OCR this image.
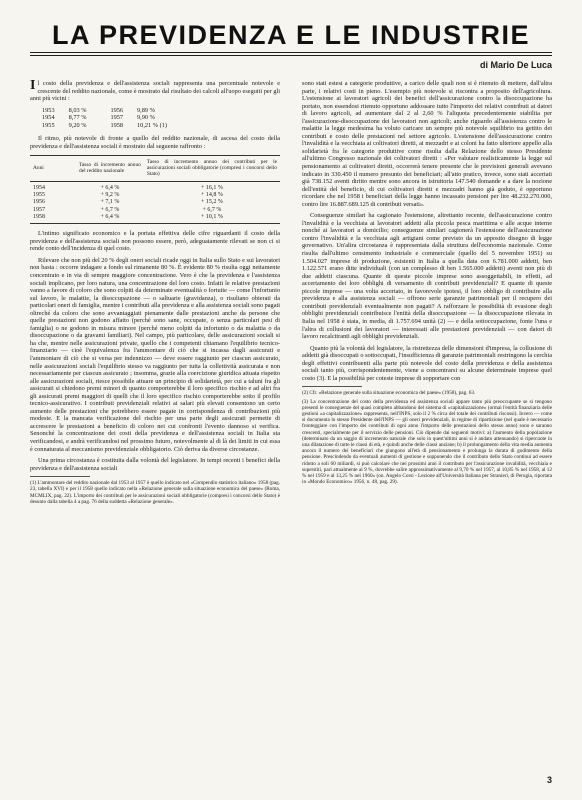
LA PREVIDENZA E LE INDUSTRIE
di Mario De Luca

Il costo della previdenza e dell'assistenza sociali rappresenta una percentuale notevole e crescente del reddito nazionale, come è mostrato dal risultato dei calcoli all'uopo eseguiti per gli anni più vicini :

1953	8,03 %	1956	9,89 %
1954	8,77 %	1957	9,90 %
1955	9,20 %	1958	10,21 % (1)

Il ritmo, più notevole di fronte a quello del reddito nazionale, di ascesa del costo della previdenza e dell'assistenza sociali è mostrato dal seguente raffronto :

Anni	Tasso di incremento annuo del reddito nazionale	Tasso di incremento annuo dei contributi per le assicurazioni sociali obbligatorie (compresi i concorsi dello Stato)
1954	+ 6,4 %	+ 16,1 %
1955	+ 9,2 %	+ 14,8 %
1956	+ 7,1 %	+ 15,2 %
1957	+ 6,7 %	+ 6,7 %
1958	+ 6,4 %	+ 10,1 %

L'intimo significato economico e la portata effettiva delle cifre riguardanti il costo della previdenza e dell'assistenza sociali non possono essere, però, adeguatamente rilevati se non ci si rende conto dell'incidenza di quel costo.

Rilevare che non più del 20 % degli oneri sociali ricade oggi in Italia sullo Stato e sui lavoratori non basta : occorre indagare a fondo sul rimanente 80 %. È evidente 80 % risulta oggi nettamente concentrato e in via di sempre maggiore concentrazione. Vero è che la previdenza e l'assistenza sociali implicano, per loro natura, una concentrazione del loro costo. Infatti le relative prestazioni vanno a favore di coloro che sono colpiti da determinate eventualità o fortuite — come l'infortunio sul lavoro, le malattie, la disoccupazione — o saltuarie (gravidanza), o risultano obierati da particolari oneri di famiglia, mentre i contributi alla previdenza e alla assistenza sociali sono pagati oltreché da coloro che sono avvantaggiati pienamente dalle prestazioni anche da persone che quelle prestazioni non godono affatto (perché sono sane, occupate, o senza particolari pesi di famiglia) o ne godono in misura minore (perché meno colpiti da infortunio o da malattia o da disoccupazione o da gravami familiari). Nel campo, più particolare, delle assicurazioni sociali si ha che, mentre nelle assicurazioni private, quello che i competenti chiamano l'equilibrio tecnico-finanziario — cioè l'equivalenza fra l'ammontare di ciò che si incassa dagli assicurati e l'ammontare di ciò che si versa per indennizzo — deve essere raggiunto per ciascun assicurato, nelle assicurazioni sociali l'equilibrio stesso va raggiunto per tutta la collettività assicurata e non necessariamente per ciascun assicurato ; insomma, grazie alla coercizione giuridica attuata rispetto alle assicurazioni sociali, riesce possibile attuare un principio di solidarietà, per cui a taluni fra gli assicurati si chiedono premi minori di quanto comporterebbe il loro specifico rischio e ad altri fra gli assicurati premi maggiori di quelli che il loro specifico rischio comporterebbe sotto il profilo tecnico-assicurativo. I contributi previdenziali relativi ai salari più elevati consentono un certo aumento delle prestazioni che potrebbero essere pagate in corrispondenza di contribuzioni più modeste. E la mancata verificazione del rischio per una parte degli assicurati permette di accrescere le prestazioni a beneficio di coloro nei cui confronti l'evento dannoso si verifica. Senonché la concentrazione dei costi della previdenza e dell'assistenza sociali in Italia sta verificandosi, e andrà verificandosi nel prossimo futuro, notevolmente al di là dei limiti in cui essa è connaturata al meccanismo previdenziale obbligatorio. Ciò deriva da diverse circostanze.

Una prima circostanza è costituita dalla volontà del legislatore. In tempi recenti i benefici della previdenza e dell'assistenza sociali

(1) L'ammontare del reddito nazionale dal 1953 al 1957 è quello indicato nel «Compendio statistico italiano» 1958 (pag. 23, tabella XVI) e per il 1958 quello indicato nella «Relazione generale sulla situazione economica del paese» (Roma, MCMLIX, pag. 22). L'importo dei contributi per le assicurazioni sociali obbligatorie (compresi i concorsi dello Stato) è desunto dalla tabella 4 a pag. 76 della suddetta «Relazione generale».

sono stati estesi a categorie produttive, a carico delle quali non si è ritenuto di mettere, dall'altra parte, i relativi costi in pieno. L'esempio più notevole si riscontra a proposito dell'agricoltura. L'estensione ai lavoratori agricoli dei benefici dell'assicurazione contro la disoccupazione ha portato, non essendosi ritenuto opportuno addossare tutto l'importo dei relativi contributi ai datori di lavoro agricoli, ad aumentare dal 2 al 2,60 % l'aliquota precedentemente stabilita per l'assicurazione-disoccupazione dei lavoratori non agricoli; anche riguardo all'assistenza contro le malattie la legge medesima ha voluto caricare un sempre più notevole squilibrio tra gettito dei contributi e costo delle prestazioni nel settore agricolo. L'estensione dell'assicurazione contro l'invalidità e la vecchiaia ai coltivatori diretti, ai mezzadri e ai coloni ha fatto ulteriore appello alla solidarietà fra le categorie produttive come risulta dalla Relazione dello stesso Presidente all'ultimo Congresso nazionale dei coltivatori diretti : «Per valutare realisticamente la legge sul pensionamento ai coltivatori diretti, occorrerà tenere presente che le previsioni generali avevano indicato in 330.450 il numero presunto dei beneficiari; all'atto pratico, invece, sono stati accertati già 738.152 aventi diritto mentre sono ancora in istruttoria 147.540 domande e a dare la nozione dell'entità del beneficio, di cui coltivatori diretti e mezzadri hanno già goduto, è opportuno ricordare che nel 1958 i beneficiari della legge hanno incassato pensioni per lire 48.232.270.000, contro lire 16.887.689.125 di contributi versati».

Conseguenze similari ha cagionato l'estensione, altrettanto recente, dell'assicurazione contro l'invalidità e la vecchiaia ai lavoratori addetti alla piccola pesca marittima e alle acque interne nonché ai lavoratori a domicilio; conseguenze similari cagionerà l'estensione dell'assicurazione contro l'invalidità e la vecchiaia agli artigiani come previsto da un apposito disegno di legge governativo. Un'altra circostanza è rappresentata dalla struttura dell'economia nazionale. Come risulta dall'ultimo censimento industriale e commerciale (quello del 5 novembre 1951) su 1.504.027 imprese di produzione, esistenti in Italia a quella data con 6.781.000 addetti, ben 1.122.571 erano ditte individuali (con un complesso di ben 1.565.000 addetti) aventi non più di due addetti ciascuna. Quante di queste piccole imprese sono assoggettabili, in effetti, ad accertamento dei loro obblighi di versamento di contributi previdenziali? E quante di queste piccole imprese — una volta accertato, in favorevole ipotesi, il loro obbligo di contribuire alla previdenza e alla assistenza sociali — offrono serie garanzie patrimoniali per il recupero dei contributi previdenziali eventualmente non pagati? A rafforzare le possibilità di evasione degli obblighi previdenziali contribuisce l'entità della disoccupazione — la disoccupazione rilevata in Italia nel 1958 è stata, in media, di 1.757.694 unità (2) — e della sottoccupazione, fonte l'una e l'altra di collusioni dei lavoratori — interessati alle prestazioni previdenziali — con datori di lavoro recalcitranti agli obblighi previdenziali.

Quanto più la volontà del legislatore, la ristrettezza delle dimensioni d'impresa, la collusione di addetti già disoccupati o sottoccupati, l'insufficienza di garanzie patrimoniali restringono la cerchia degli effettivi contribuenti alla parte più notevole del costo della previdenza e della assistenza sociali tanto più, corrispondentemente, viene a concentrarsi su alcune determinate imprese quel costo (3). E la possibilità per coteste imprese di sopportare con

(2) Cfr. «Relazione generale sulla situazione economica del paese» (1958), pag. 63.
(3) La concentrazione del costo della previdenza ed assistenza sociali appare tanto più preoccupante se si tengono presenti le conseguenze del quasi completo abbandono del sistema di «capitalizzazione» (ormai l'entità finanziaria delle gestioni «a capitalizzazione» rappresenta, nell'INPS, solo il 2 % circa del totale dei contributi riscossi). Invero — come si documenta lo stesso Presidente dell'INPS — gli oneri previdenziali, in regime di ripartizione (nel quale è necessario fronteggiare con l'importo dei contributi di ogni anno l'importo delle prestazioni dello stesso anno) sono e saranno crescenti, specialmente per il servizio delle pensioni. Ciò dipende dai seguenti motivi: a) l'aumento della popolazione (determinato da un saggio di incremento naturale che solo in quest'ultimi anni si è andato attenuando) si ripercuote in una dilatazione di tutte le classi di età, e quindi anche delle classi anziane; b) il prolungamento della vita media aumenta ancora il numero dei beneficiari che giungono all'età di pensionamento e prolunga la durata di godimento della pensione. Prescindendo da eventuali aumenti di gestione e supponendo che il contributo dello Stato continui ad essere ridotto a soli 60 miliardi, si può calcolare che nei prossimi anni il contributo per l'assicurazione invalidità, vecchiaia e superstiti, pari attualmente al 9 %, dovrebbe salire approssimativamente al 9,70 % nel 1957, al 10,85 % nel 1958, al 12 % nel 1959 e al 13,25 % nel 1960» (on. Angelo Corsi - Lezione all'Università Italiana per Stranieri, di Perugia, riportata in «Mondo Economico» 1956, n. 48, pag. 29).
3
